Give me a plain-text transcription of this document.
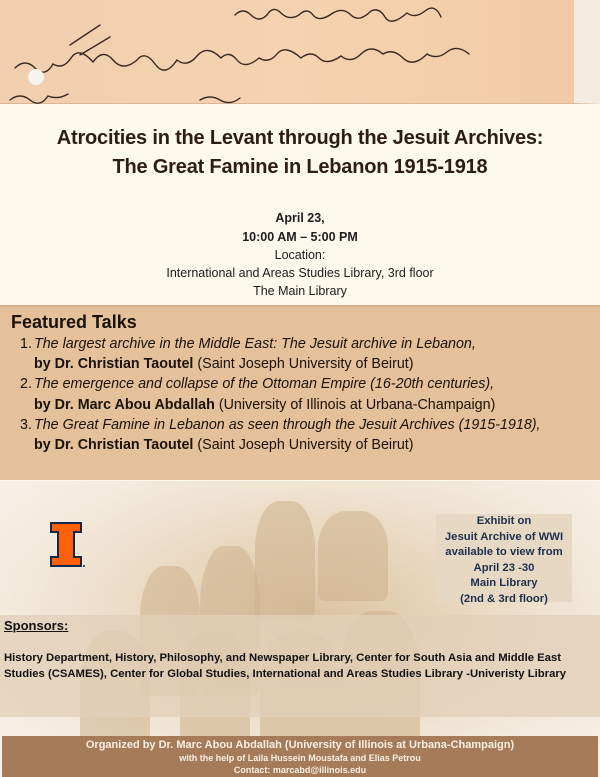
Atrocities in the Levant through the Jesuit Archives:
The Great Famine in Lebanon 1915-1918
April 23,
10:00 AM – 5:00 PM
Location:
International and Areas Studies Library, 3rd floor
The Main Library
Featured Talks
1. The largest archive in the Middle East: The Jesuit archive in Lebanon,
by Dr. Christian Taoutel (Saint Joseph University of Beirut)
2. The emergence and collapse of the Ottoman Empire (16-20th centuries),
by Dr. Marc Abou Abdallah (University of Illinois at Urbana-Champaign)
3. The Great Famine in Lebanon as seen through the Jesuit Archives (1915-1918),
by Dr. Christian Taoutel (Saint Joseph University of Beirut)
Exhibit on
Jesuit Archive of WWI
available to view from
April 23 -30
Main Library
(2nd & 3rd floor)
Sponsors:
History Department, History, Philosophy, and Newspaper Library, Center for South Asia and Middle East Studies (CSAMES), Center for Global Studies, International and Areas Studies Library -Univeristy Library
Organized by Dr. Marc Abou Abdallah (University of Illinois at Urbana-Champaign)
with the help of Laila Hussein Moustafa and Elias Petrou
Contact: marcabd@illinois.edu
